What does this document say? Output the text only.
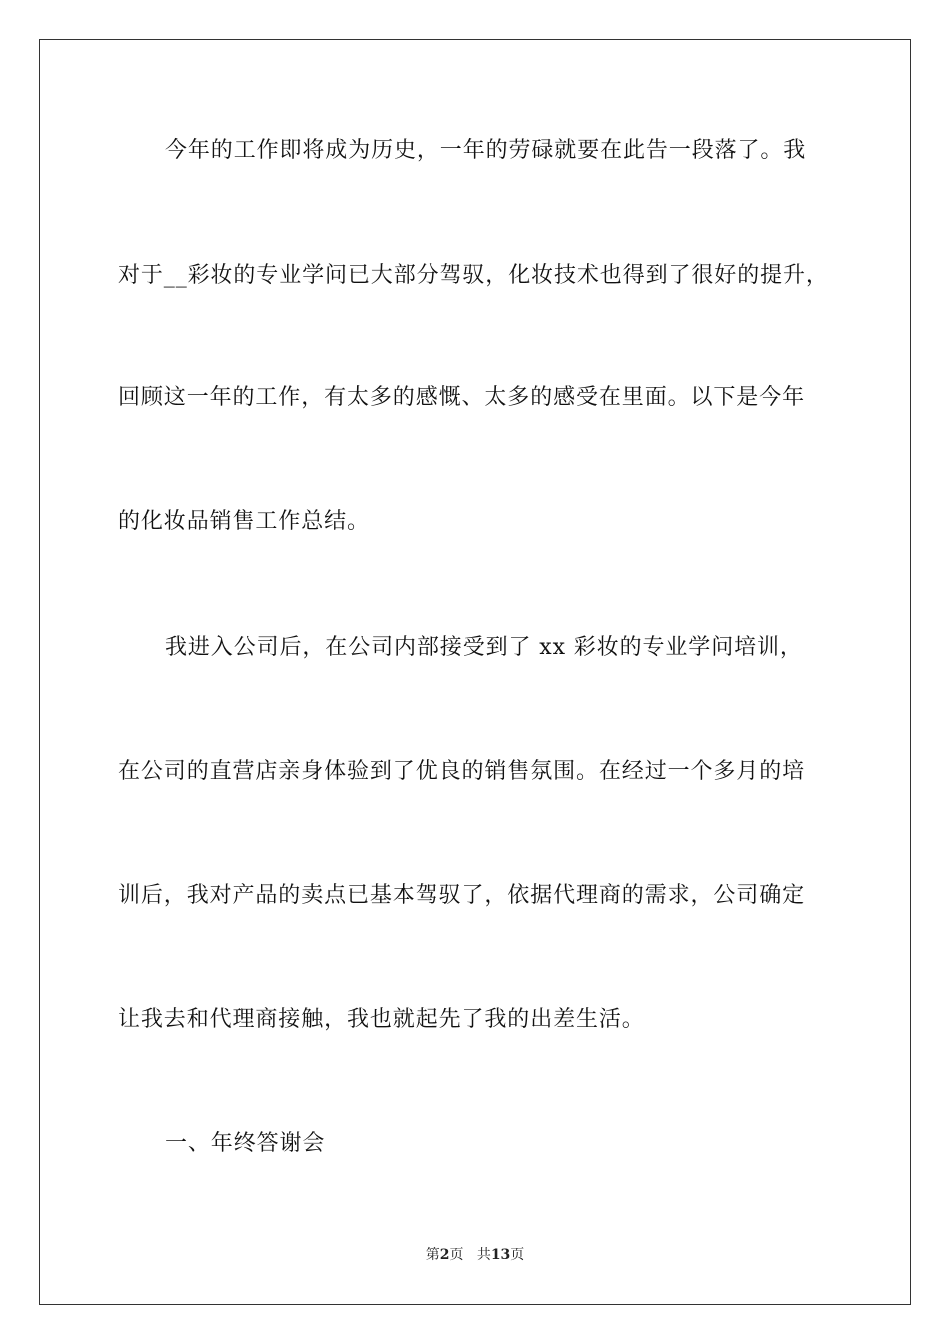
今年的工作即将成为历史，一年的劳碌就要在此告一段落了。我
对于__彩妆的专业学问已大部分驾驭，化妆技术也得到了很好的提升，
回顾这一年的工作，有太多的感慨、太多的感受在里面。以下是今年
的化妆品销售工作总结。
我进入公司后，在公司内部接受到了 xx 彩妆的专业学问培训，
在公司的直营店亲身体验到了优良的销售氛围。在经过一个多月的培
训后，我对产品的卖点已基本驾驭了，依据代理商的需求，公司确定
让我去和代理商接触，我也就起先了我的出差生活。
一、年终答谢会
第2页 共13页
